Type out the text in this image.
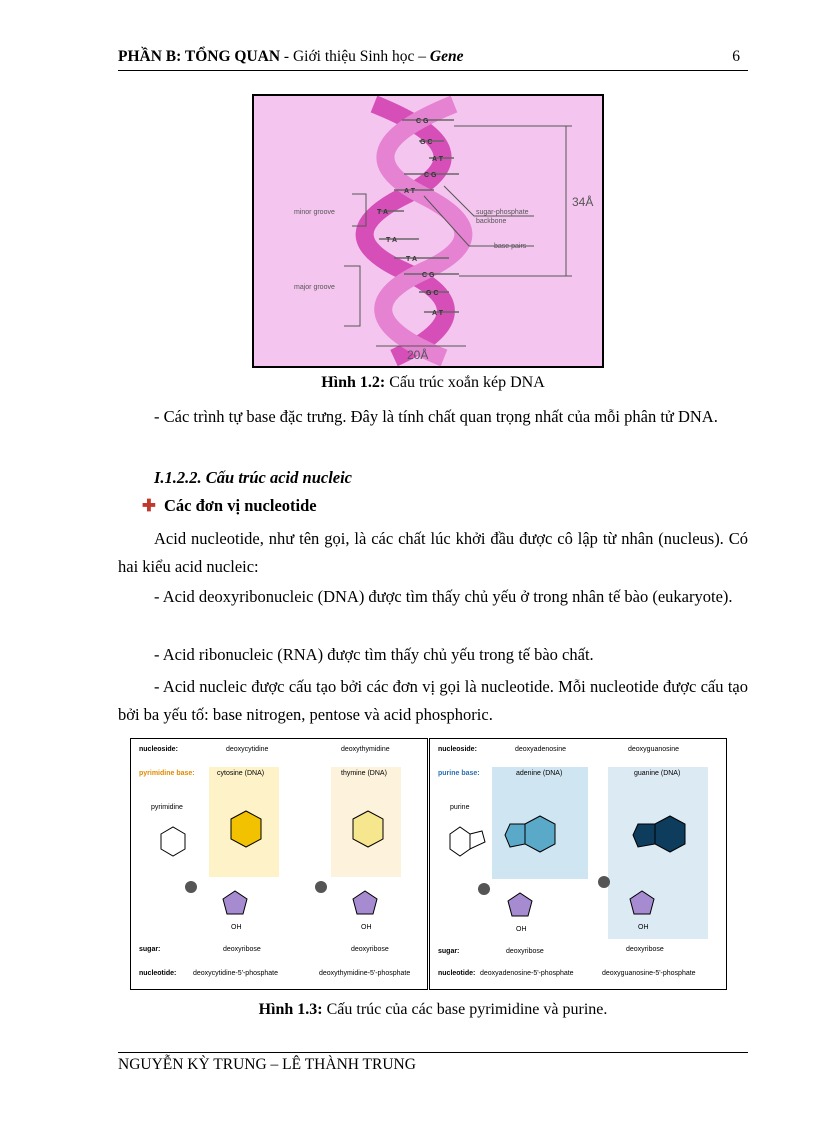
PHẦN B: TỔNG QUAN - Giới thiệu Sinh học – Gene	6
C G
G C
A T
C G
A T
T A
T A
T A
C G
G C
A T
minor groove
major groove
sugar-phosphate
backbone
base pairs
34Å
20Å
Hình 1.2: Cấu trúc xoắn kép DNA
- Các trình tự base đặc trưng. Đây là tính chất quan trọng nhất của mỗi phân tử DNA.
I.1.2.2. Cấu trúc acid nucleic
✚ Các đơn vị nucleotide
Acid nucleotide, như tên gọi, là các chất lúc khởi đầu được cô lập từ nhân (nucleus). Có hai kiểu acid nucleic:
- Acid deoxyribonucleic (DNA) được tìm thấy chủ yếu ở trong nhân tế bào (eukaryote).
- Acid ribonucleic (RNA) được tìm thấy chủ yếu trong tế bào chất.
- Acid nucleic được cấu tạo bởi các đơn vị gọi là nucleotide. Mỗi nucleotide được cấu tạo bởi ba yếu tố: base nitrogen, pentose và acid phosphoric.
nucleoside:
pyrimidine base:
pyrimidine
sugar:
nucleotide:
deoxycytidine	deoxythymidine
cytosine (DNA)	thymine (DNA)
OH	OH
deoxyribose	deoxyribose
deoxycytidine-5'-phosphate	deoxythymidine-5'-phosphate
nucleoside:
purine base:
purine
sugar:
nucleotide:
deoxyadenosine	deoxyguanosine
adenine (DNA)	guanine (DNA)
OH	OH
deoxyribose	deoxyribose
deoxyadenosine-5'-phosphate	deoxyguanosine-5'-phosphate
Hình 1.3: Cấu trúc của các base pyrimidine và purine.
NGUYỄN KỲ TRUNG – LÊ THÀNH TRUNG
